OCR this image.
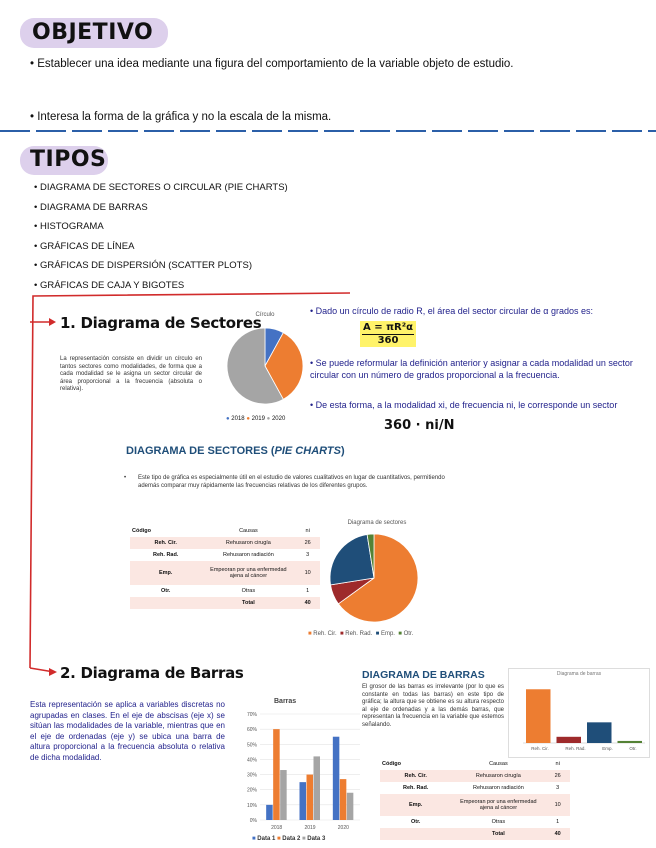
OBJETIVO
• Establecer una idea mediante una figura del comportamiento de la variable objeto de estudio.
• Interesa la forma de la gráfica y no la escala de la misma.
TIPOS
• DIAGRAMA DE SECTORES O CIRCULAR (PIE CHARTS)
• DIAGRAMA DE BARRAS
• HISTOGRAMA
• GRÁFICAS DE LÍNEA
• GRÁFICAS DE DISPERSIÓN (SCATTER PLOTS)
• GRÁFICAS DE CAJA Y BIGOTES
1. Diagrama de Sectores
La representación consiste en dividir un círculo en tantos sectores como modalidades, de forma que a cada modalidad se le asigna un sector circular de área proporcional a la frecuencia (absoluta o relativa).
Círculo
● 2018 ● 2019 ● 2020
• Dado un círculo de radio R, el área del sector circular de α grados es:
$\frac{\text{A = πR²α}}{360}$
• Se puede reformular la definición anterior y asignar a cada modalidad un sector circular con un número de grados proporcional a la frecuencia.
• De esta forma, a la modalidad xi, de frecuencia ni, le corresponde un sector
360 · ni/N
DIAGRAMA DE SECTORES (PIE CHARTS)
•	Este tipo de gráfica es especialmente útil en el estudio de valores cualitativos en lugar de cuantitativos, permitiendo además comparar muy rápidamente las frecuencias relativas de los diferentes grupos.
Código	Causas	ni
Reh. Cir.	Rehusaron cirugía	26
Reh. Rad.	Rehusaron radiación	3
Emp.	Empeoran por una enfermedad ajena al cáncer	10
Otr.	Otras	1
	Total	40
Diagrama de sectores
■ Reh. Cir. ■ Reh. Rad. ■ Emp. ■ Otr.
2. Diagrama de Barras
Esta representación se aplica a variables discretas no agrupadas en clases. En el eje de abscisas (eje x) se sitúan las modalidades de la variable, mientras que en el eje de ordenadas (eje y) se ubica una barra de altura proporcional a la frecuencia absoluta o relativa de dicha modalidad.
Barras
0%
10%
20%
30%
40%
50%
60%
70%
2018	2019	2020
■ Data 1 ■ Data 2 ■ Data 3
DIAGRAMA DE BARRAS
El grosor de las barras es irrelevante (por lo que es constante en todas las barras) en este tipo de gráfica; la altura que se obtiene es su altura respecto al eje de ordenadas y a las demás barras, que representan la frecuencia en la variable que estemos señalando.
Diagrama de barras
Reh. Cir.	Reh. Rad.	Emp.	Otr.
Código	Causas	ni
Reh. Cir.	Rehusaron cirugía	26
Reh. Rad.	Rehusaron radiación	3
Emp.	Empeoran por una enfermedad ajena al cáncer	10
Otr.	Otras	1
	Total	40
